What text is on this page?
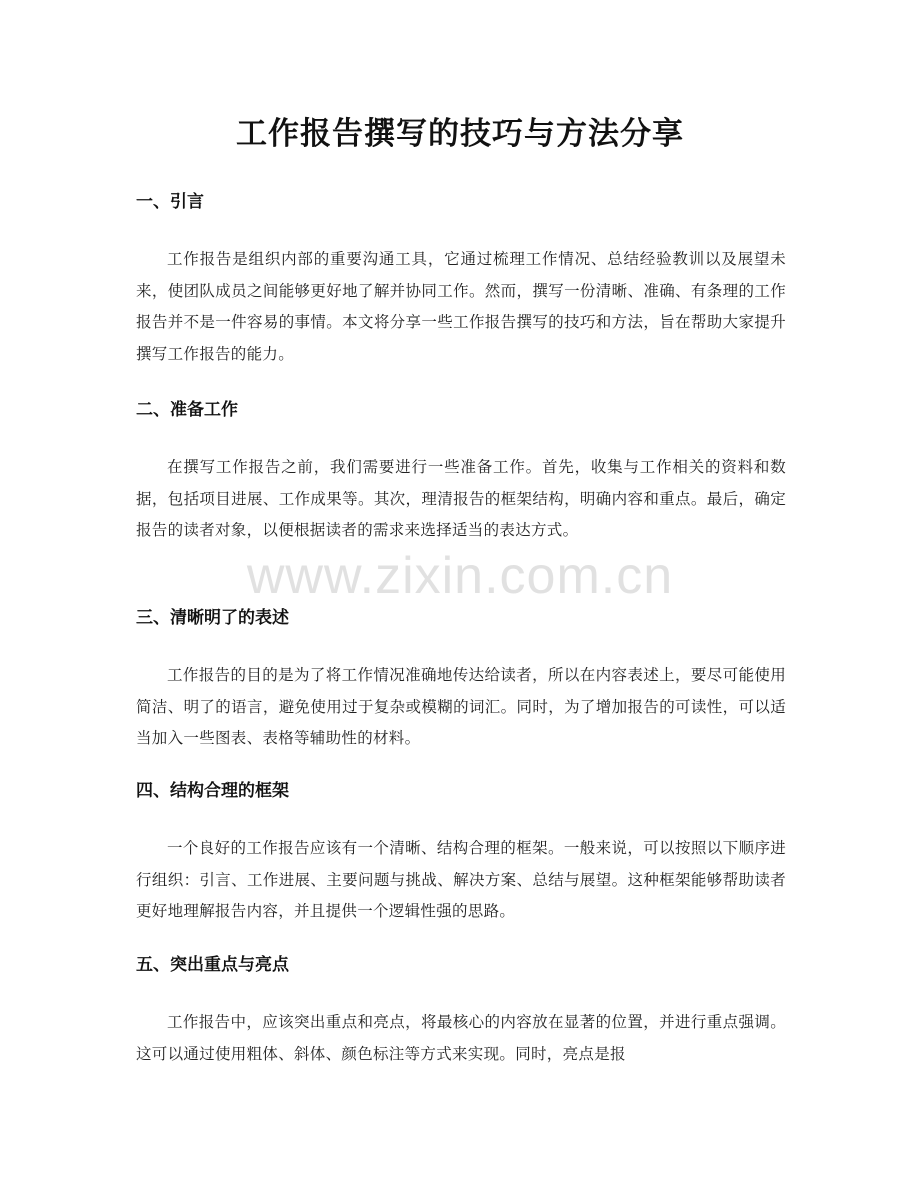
工作报告撰写的技巧与方法分享
一、引言

工作报告是组织内部的重要沟通工具，它通过梳理工作情况、总结经验教训以及展望未来，使团队成员之间能够更好地了解并协同工作。然而，撰写一份清晰、准确、有条理的工作报告并不是一件容易的事情。本文将分享一些工作报告撰写的技巧和方法，旨在帮助大家提升撰写工作报告的能力。

二、准备工作

在撰写工作报告之前，我们需要进行一些准备工作。首先，收集与工作相关的资料和数据，包括项目进展、工作成果等。其次，理清报告的框架结构，明确内容和重点。最后，确定报告的读者对象，以便根据读者的需求来选择适当的表达方式。

三、清晰明了的表述

工作报告的目的是为了将工作情况准确地传达给读者，所以在内容表述上，要尽可能使用简洁、明了的语言，避免使用过于复杂或模糊的词汇。同时，为了增加报告的可读性，可以适当加入一些图表、表格等辅助性的材料。

四、结构合理的框架

一个良好的工作报告应该有一个清晰、结构合理的框架。一般来说，可以按照以下顺序进行组织：引言、工作进展、主要问题与挑战、解决方案、总结与展望。这种框架能够帮助读者更好地理解报告内容，并且提供一个逻辑性强的思路。

五、突出重点与亮点

工作报告中，应该突出重点和亮点，将最核心的内容放在显著的位置，并进行重点强调。这可以通过使用粗体、斜体、颜色标注等方式来实现。同时，亮点是报

www.zixin.com.cn
